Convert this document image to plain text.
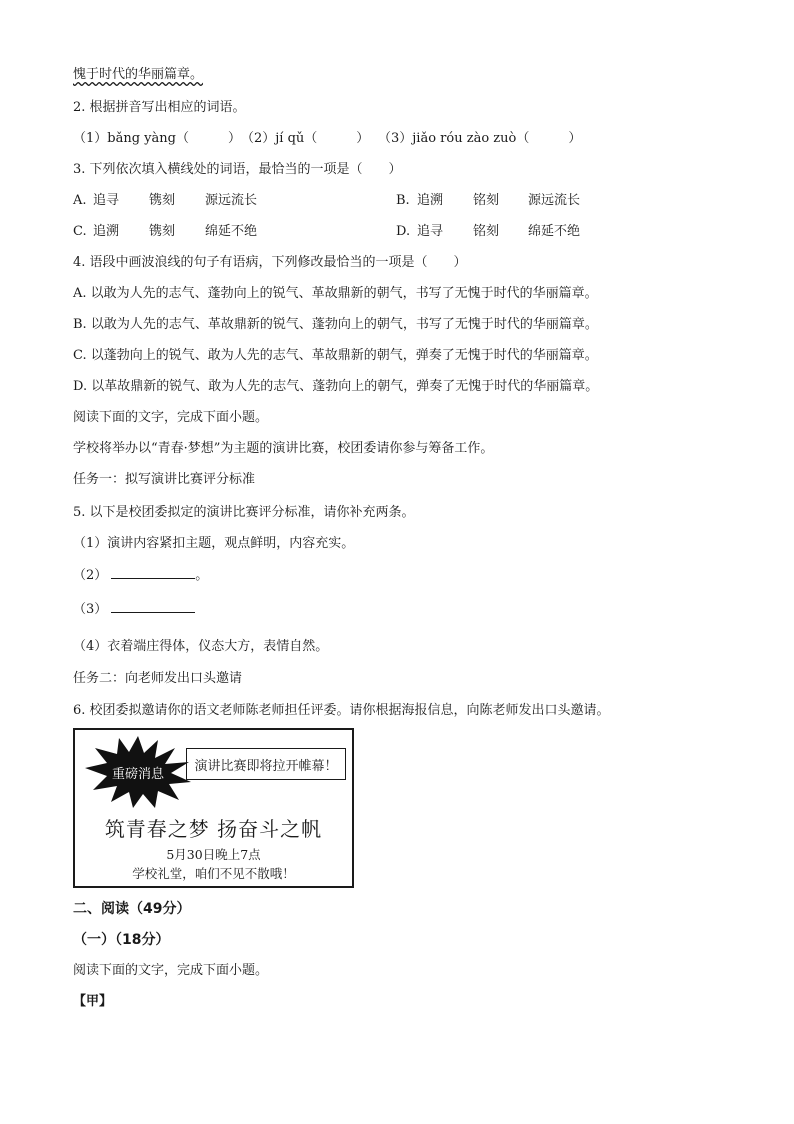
愧于时代的华丽篇章。
2. 根据拼音写出相应的词语。
（1）bǎng yàng（　　　） （2）jí qǔ（　　　） （3）jiǎo róu zào zuò（　　　）
3. 下列依次填入横线处的词语，最恰当的一项是（　　）
A. 追寻 镌刻 源远流长	B. 追溯 铭刻 源远流长
C. 追溯 镌刻 绵延不绝	D. 追寻 铭刻 绵延不绝
4. 语段中画波浪线的句子有语病，下列修改最恰当的一项是（　　）
A. 以敢为人先的志气、蓬勃向上的锐气、革故鼎新的朝气，书写了无愧于时代的华丽篇章。
B. 以敢为人先的志气、革故鼎新的锐气、蓬勃向上的朝气，书写了无愧于时代的华丽篇章。
C. 以蓬勃向上的锐气、敢为人先的志气、革故鼎新的朝气，弹奏了无愧于时代的华丽篇章。
D. 以革故鼎新的锐气、敢为人先的志气、蓬勃向上的朝气，弹奏了无愧于时代的华丽篇章。
阅读下面的文字，完成下面小题。
学校将举办以“青春·梦想”为主题的演讲比赛，校团委请你参与筹备工作。
任务一：拟写演讲比赛评分标准
5. 以下是校团委拟定的演讲比赛评分标准，请你补充两条。
（1）演讲内容紧扣主题，观点鲜明，内容充实。
（2）	。
（3）
（4）衣着端庄得体，仪态大方，表情自然。
任务二：向老师发出口头邀请
6. 校团委拟邀请你的语文老师陈老师担任评委。请你根据海报信息，向陈老师发出口头邀请。
重磅消息
演讲比赛即将拉开帷幕！
筑青春之梦 扬奋斗之帆
5月30日晚上7点
学校礼堂，咱们不见不散哦！
二、阅读（49分）
（一）（18分）
阅读下面的文字，完成下面小题。
【甲】
